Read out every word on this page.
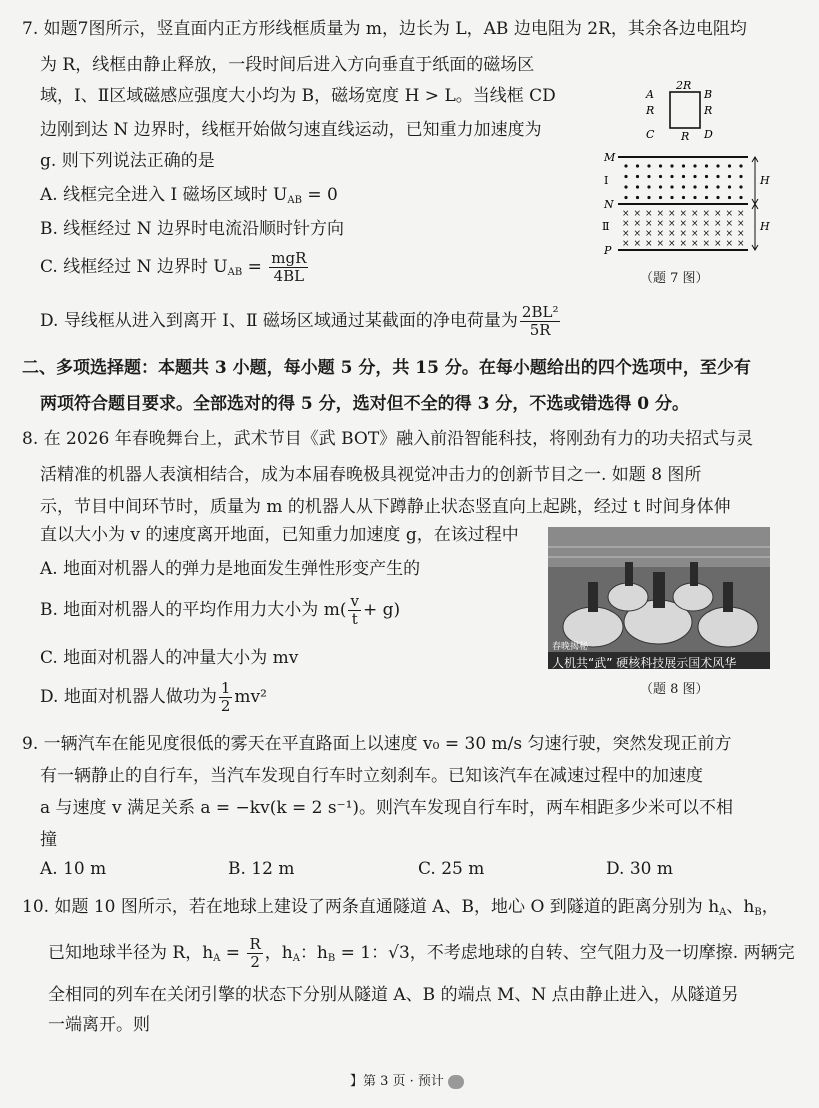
7. 如题7图所示，竖直面内正方形线框质量为 m，边长为 L，AB 边电阻为 2R，其余各边电阻均
为 R，线框由静止释放，一段时间后进入方向垂直于纸面的磁场区
域，Ⅰ、Ⅱ区域磁感应强度大小均为 B，磁场宽度 H > L。当线框 CD
边刚到达 N 边界时，线框开始做匀速直线运动，已知重力加速度为
g. 则下列说法正确的是
A. 线框完全进入 I 磁场区域时 $U_{AB} = 0$
B. 线框经过 N 边界时电流沿顺时针方向
C. 线框经过 N 边界时 $U_{AB} = \frac{\text{mgR}}{4BL}$
D. 导线框从进入到离开 Ⅰ、Ⅱ 磁场区域通过某截面的净电荷量为 $\frac{\text{2BL²}}{5R}$
2R
A	B
R	R
C R D
M
N
P
I
Ⅱ
× × × × × × × × × × ×
× × × × × × × × × × ×
× × × × × × × × × × ×
× × × × × × × × × × ×
H
H
（题 7 图）
二、多项选择题：本题共 3 小题，每小题 5 分，共 15 分。在每小题给出的四个选项中，至少有
两项符合题目要求。全部选对的得 5 分，选对但不全的得 3 分，不选或错选得 0 分。
8. 在 2026 年春晚舞台上，武术节目《武 BOT》融入前沿智能科技，将刚劲有力的功夫招式与灵
活精准的机器人表演相结合，成为本届春晚极具视觉冲击力的创新节目之一. 如题 8 图所
示，节目中间环节时，质量为 m 的机器人从下蹲静止状态竖直向上起跳，经过 t 时间身体伸
直以大小为 v 的速度离开地面，已知重力加速度 g，在该过程中
A. 地面对机器人的弹力是地面发生弹性形变产生的
B. 地面对机器人的平均作用力大小为 $m( \frac{v}{t} + g)$
C. 地面对机器人的冲量大小为 mv
D. 地面对机器人做功为 $\frac{1}{2} mv^2$
春晚揭秘
人机共“武” 硬核科技展示国术风华
（题 8 图）
9. 一辆汽车在能见度很低的雾天在平直路面上以速度 v₀ = 30 m/s 匀速行驶，突然发现正前方
有一辆静止的自行车，当汽车发现自行车时立刻刹车。已知该汽车在减速过程中的加速度
a 与速度 v 满足关系 a = −kv(k = 2 s⁻¹)。则汽车发现自行车时，两车相距多少米可以不相
撞
A. 10 m	B. 12 m	C. 25 m	D. 30 m
10. 如题 10 图所示，若在地球上建设了两条直通隧道 A、B，地心 O 到隧道的距离分别为 $h_A$、$h_B$，
已知地球半径为 R，$h_A = \frac{R}{2}$ ，$h_A$：$h_B = 1$：√3，不考虑地球的自转、空气阻力及一切摩擦. 两辆完
全相同的列车在关闭引擎的状态下分别从隧道 A、B 的端点 M、N 点由静止进入，从隧道另
一端离开。则
】第 3 页 · 预计
